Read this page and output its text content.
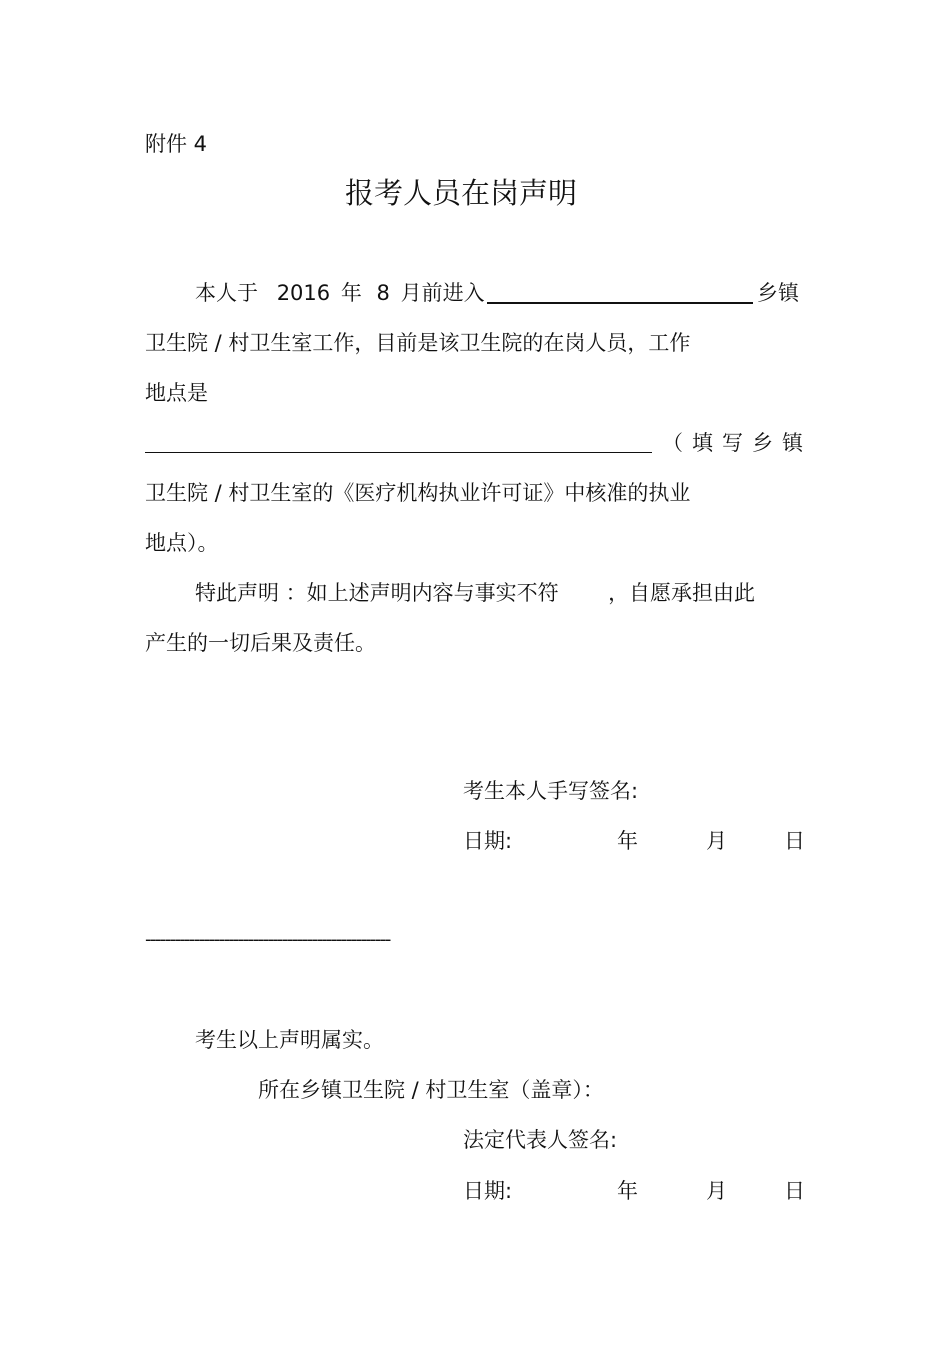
附件 4
报考人员在岗声明
本人于 2016 年 8 月前进入	乡镇
卫生院 / 村卫生室工作，目前是该卫生院的在岗人员，工作
地点是
（填写乡镇
卫生院 / 村卫生室的《医疗机构执业许可证》中核准的执业
地点）。
特此声明 ：如上述声明内容与事实不符 ，自愿承担由此
产生的一切后果及责任。
考生本人手写签名:
日期:	年	月	日
--------------------------------------------------
考生以上声明属实。
所在乡镇卫生院 / 村卫生室（盖章）：
法定代表人签名:
日期:	年	月	日
